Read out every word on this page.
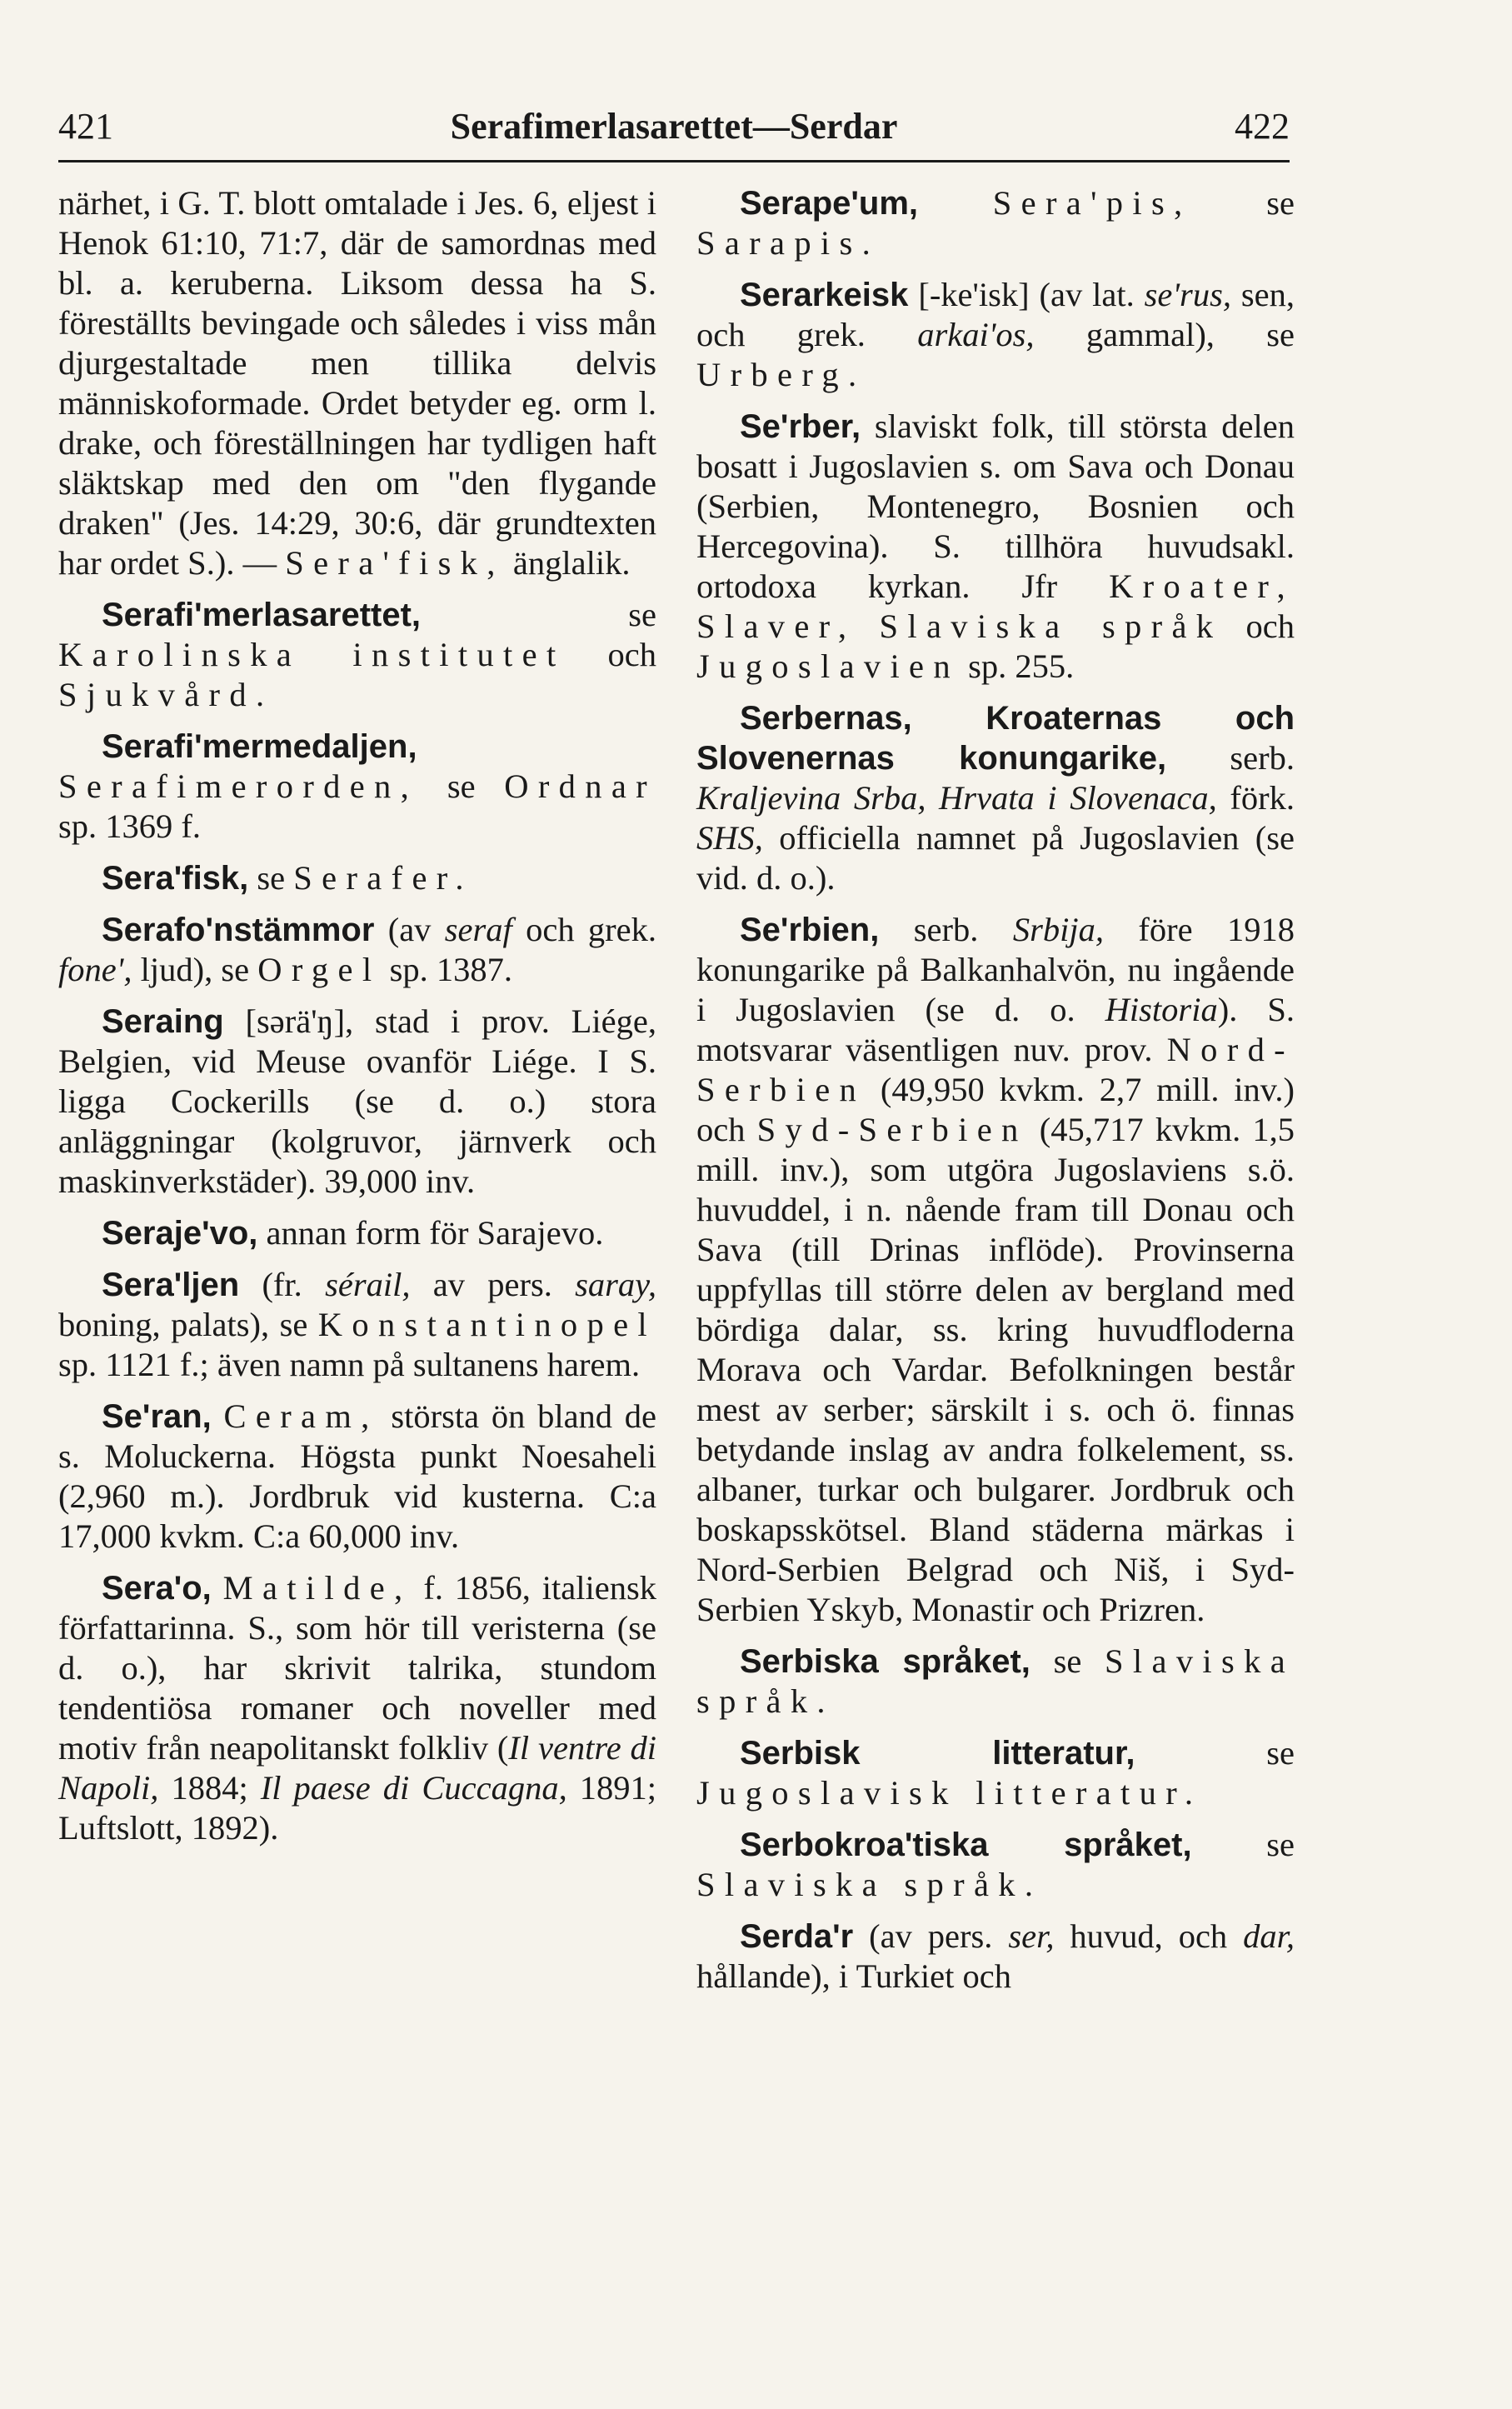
421	Serafimerlasarettet—Serdar	422

närhet, i G. T. blott omtalade i Jes. 6, eljest i Henok 61:10, 71:7, där de samordnas med bl. a. keruberna. Liksom dessa ha S. föreställts bevingade och således i viss mån djurgestaltade men tillika delvis människoformade. Ordet betyder eg. orm l. drake, och föreställningen har tydligen haft släktskap med den om "den flygande draken" (Jes. 14:29, 30:6, där grundtexten har ordet S.). — Sera'fisk, änglalik.

Serafi'merlasarettet,	se Karolinska institutet och Sjukvård.

Serafi'mermedaljen, Serafimerorden, se Ordnar sp. 1369 f.

Sera'fisk, se Serafer.

Serafo'nstämmor (av seraf och grek. fone', ljud), se Orgel sp. 1387.

Seraing [sərä'ŋ], stad i prov. Liége, Belgien, vid Meuse ovanför Liége. I S. ligga Cockerills (se d. o.) stora anläggningar (kolgruvor, järnverk och maskinverkstäder). 39,000 inv.

Seraje'vo, annan form för Sarajevo.

Sera'ljen (fr. sérail, av pers. saray, boning, palats), se Konstantinopel sp. 1121 f.; även namn på sultanens harem.

Se'ran, Ceram, största ön bland de s. Moluckerna. Högsta punkt Noesaheli (2,960 m.). Jordbruk vid kusterna. C:a 17,000 kvkm. C:a 60,000 inv.

Sera'o, Matilde, f. 1856, italiensk författarinna. S., som hör till veristerna (se d. o.), har skrivit talrika, stundom tendentiösa romaner och noveller med motiv från neapolitanskt folkliv (Il ventre di Napoli, 1884; Il paese di Cuccagna, 1891; Luftslott, 1892).

Serape'um, Sera'pis, se Sarapis.

Serarkeisk [-ke'isk] (av lat. se'rus, sen, och grek. arkai'os, gammal), se Urberg.

Se'rber, slaviskt folk, till största delen bosatt i Jugoslavien s. om Sava och Donau (Serbien, Montenegro, Bosnien och Hercegovina). S. tillhöra huvudsakl. ortodoxa kyrkan. Jfr Kroater, Slaver, Slaviska språk och Jugoslavien sp. 255.

Serbernas, Kroaternas och Slovenernas konungarike, serb. Kraljevina Srba, Hrvata i Slovenaca, förk. SHS, officiella namnet på Jugoslavien (se vid. d. o.).

Se'rbien, serb. Srbija, före 1918 konungarike på Balkanhalvön, nu ingående i Jugoslavien (se d. o. Historia). S. motsvarar väsentligen nuv. prov. Nord-Serbien (49,950 kvkm. 2,7 mill. inv.) och Syd-Serbien (45,717 kvkm. 1,5 mill. inv.), som utgöra Jugoslaviens s.ö. huvuddel, i n. nående fram till Donau och Sava (till Drinas inflöde). Provinserna uppfyllas till större delen av bergland med bördiga dalar, ss. kring huvudfloderna Morava och Vardar. Befolkningen består mest av serber; särskilt i s. och ö. finnas betydande inslag av andra folkelement, ss. albaner, turkar och bulgarer. Jordbruk och boskapsskötsel. Bland städerna märkas i Nord-Serbien Belgrad och Niš, i Syd-Serbien Yskyb, Monastir och Prizren.

Serbiska språket, se Slaviska språk.

Serbisk litteratur,	se Jugoslavisk litteratur.

Serbokroa'tiska språket, se Slaviska språk.

Serda'r (av pers. ser, huvud, och dar, hållande), i Turkiet och
